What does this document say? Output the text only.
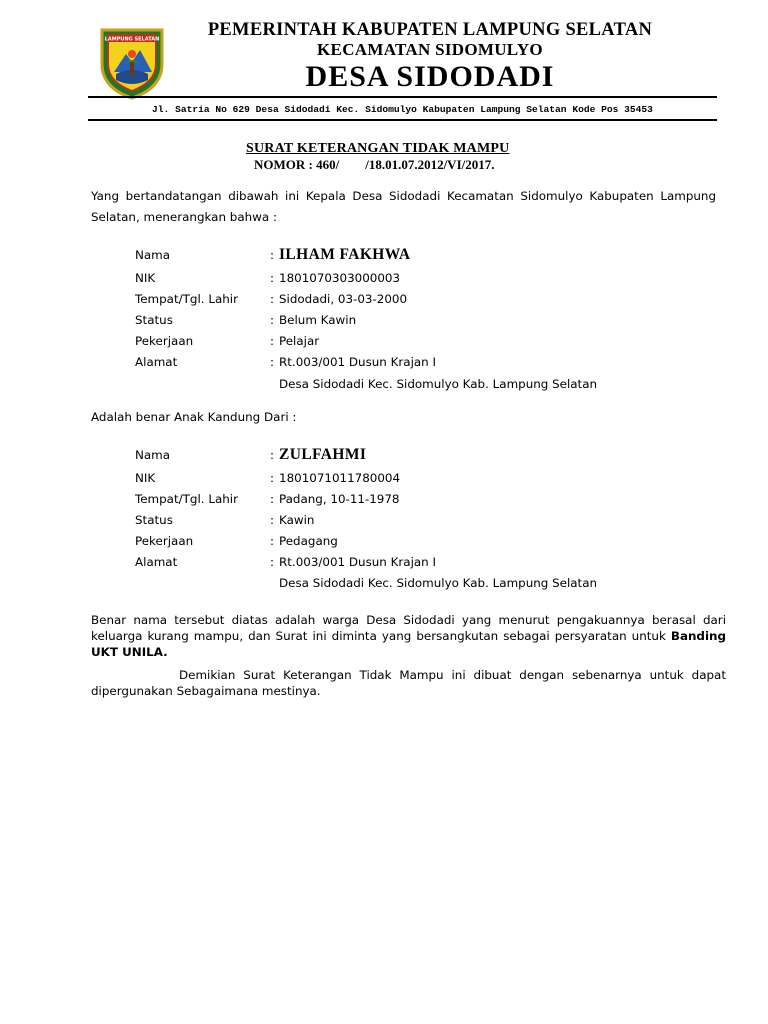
LAMPUNG SELATAN	PEMERINTAH KABUPATEN LAMPUNG SELATAN
KECAMATAN SIDOMULYO
DESA SIDODADI
Jl. Satria No 629 Desa Sidodadi Kec. Sidomulyo Kabupaten Lampung Selatan Kode Pos 35453
SURAT KETERANGAN TIDAK MAMPU
NOMOR : 460/        /18.01.07.2012/VI/2017.
Yang bertandatangan dibawah ini Kepala Desa Sidodadi Kecamatan Sidomulyo Kabupaten Lampung Selatan, menerangkan bahwa :
Nama	: ILHAM FAKHWA
NIK	: 1801070303000003
Tempat/Tgl. Lahir	: Sidodadi, 03-03-2000
Status	: Belum Kawin
Pekerjaan	: Pelajar
Alamat	: Rt.003/001 Dusun Krajan I
Desa Sidodadi Kec. Sidomulyo Kab. Lampung Selatan
Adalah benar Anak Kandung Dari :
Nama	: ZULFAHMI
NIK	: 1801071011780004
Tempat/Tgl. Lahir	: Padang, 10-11-1978
Status	: Kawin
Pekerjaan	: Pedagang
Alamat	: Rt.003/001 Dusun Krajan I
Desa Sidodadi Kec. Sidomulyo Kab. Lampung Selatan
Benar nama tersebut diatas adalah warga Desa Sidodadi yang menurut pengakuannya berasal dari keluarga kurang mampu, dan Surat ini diminta yang bersangkutan sebagai persyaratan untuk Banding UKT UNILA.
Demikian Surat Keterangan Tidak Mampu ini dibuat dengan sebenarnya untuk dapat dipergunakan Sebagaimana mestinya.
